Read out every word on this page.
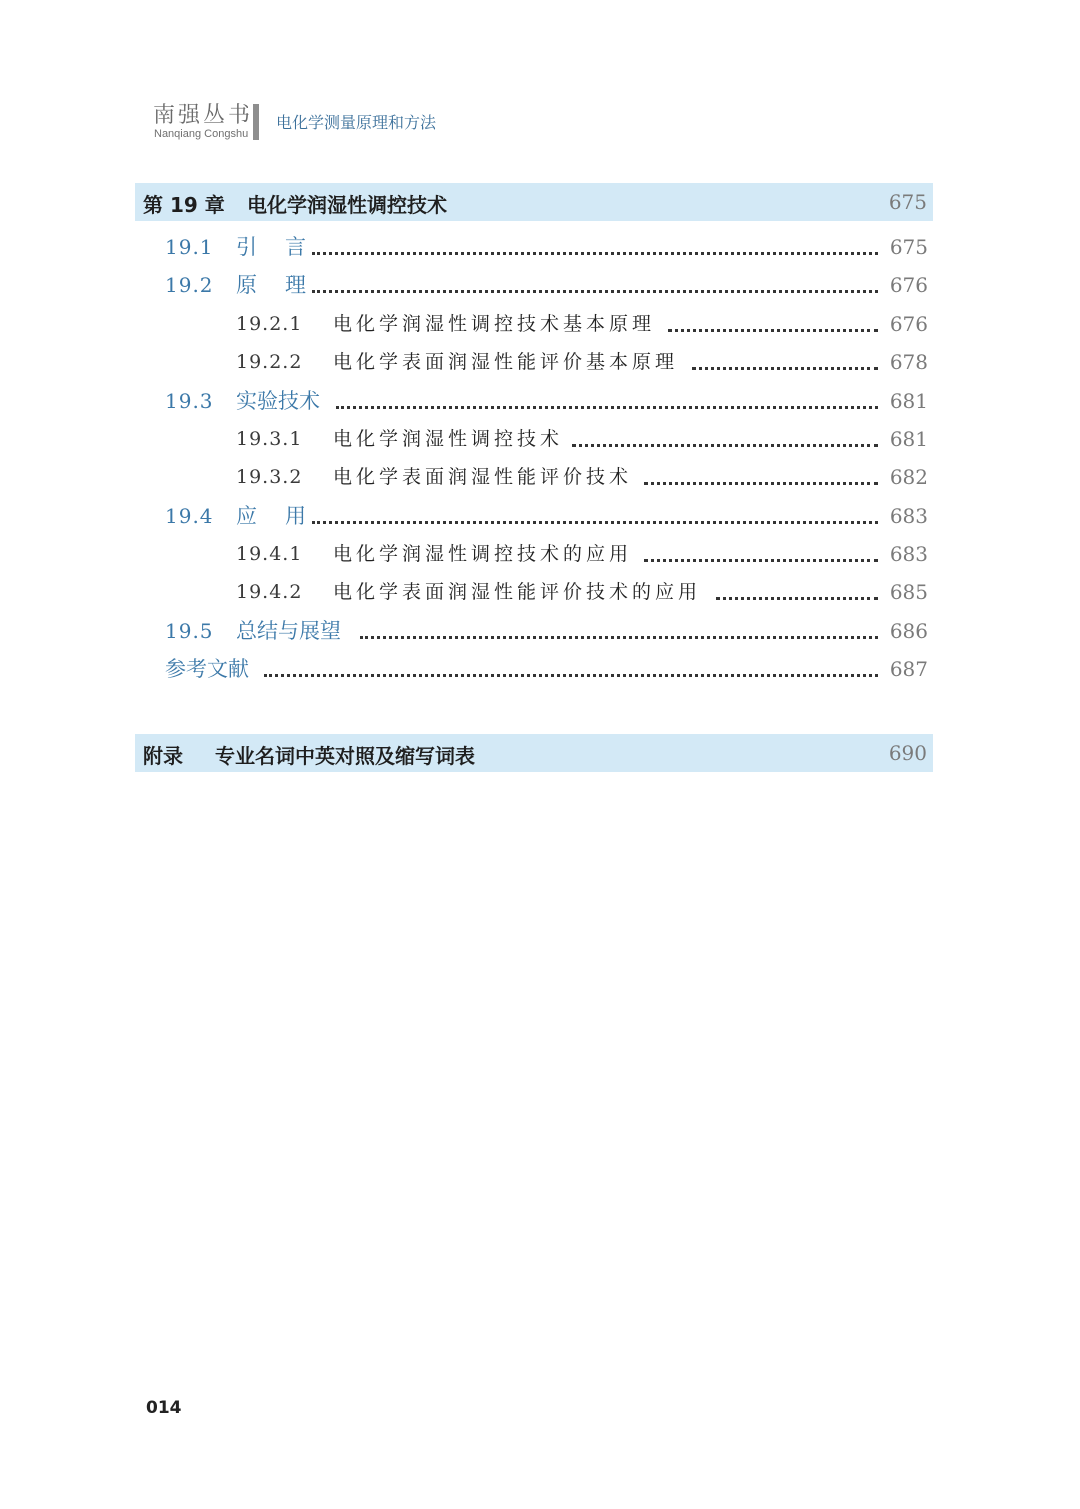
南强丛书
Nanqiang Congshu
电化学测量原理和方法
第 19 章 电化学润湿性调控技术	675
19.1 引言	675
19.2 原理	676
19.2.1 电化学润湿性调控技术基本原理	676
19.2.2 电化学表面润湿性能评价基本原理	678
19.3 实验技术	681
19.3.1 电化学润湿性调控技术	681
19.3.2 电化学表面润湿性能评价技术	682
19.4 应用	683
19.4.1 电化学润湿性调控技术的应用	683
19.4.2 电化学表面润湿性能评价技术的应用	685
19.5 总结与展望	686
参考文献	687
附录 专业名词中英对照及缩写词表	690
014
